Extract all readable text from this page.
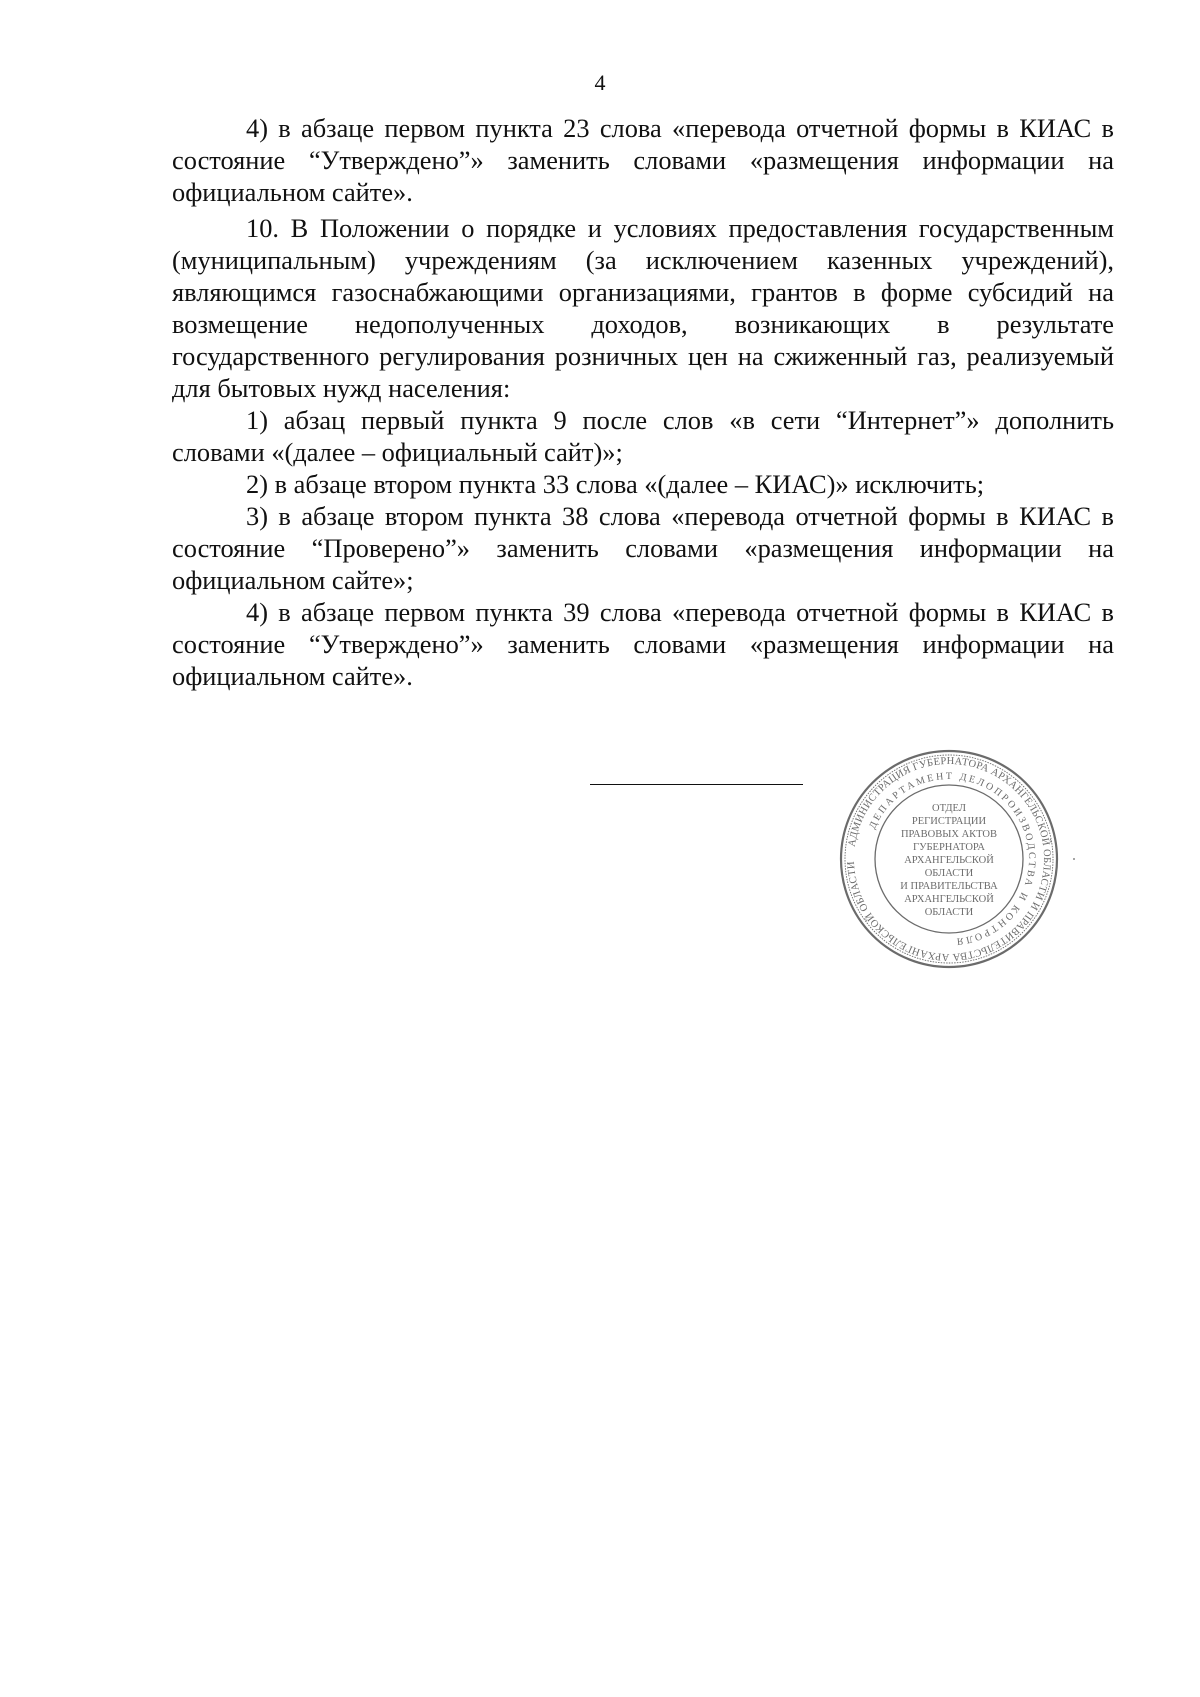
4

4) в абзаце первом пункта 23 слова «перевода отчетной формы в КИАС в состояние “Утверждено”» заменить словами «размещения информации на официальном сайте».

10. В Положении о порядке и условиях предоставления государственным (муниципальным) учреждениям (за исключением казенных учреждений), являющимся газоснабжающими организациями, грантов в форме субсидий на возмещение недополученных доходов, возникающих в результате государственного регулирования розничных цен на сжиженный газ, реализуемый для бытовых нужд населения:

1) абзац первый пункта 9 после слов «в сети “Интернет”» дополнить словами «(далее – официальный сайт)»;

2) в абзаце втором пункта 33 слова «(далее – КИАС)» исключить;

3) в абзаце втором пункта 38 слова «перевода отчетной формы в КИАС в состояние “Проверено”» заменить словами «размещения информации на официальном сайте»;

4) в абзаце первом пункта 39 слова «перевода отчетной формы в КИАС в состояние “Утверждено”» заменить словами «размещения информации на официальном сайте».

АДМИНИСТРАЦИЯ ГУБЕРНАТОРА АРХАНГЕЛЬСКОЙ ОБЛАСТИ И ПРАВИТЕЛЬСТВА АРХАНГЕЛЬСКОЙ ОБЛАСТИ
ДЕПАРТАМЕНТ ДЕЛОПРОИЗВОДСТВА И КОНТРОЛЯ
ОТДЕЛ
РЕГИСТРАЦИИ
ПРАВОВЫХ АКТОВ
ГУБЕРНАТОРА
АРХАНГЕЛЬСКОЙ
ОБЛАСТИ
И ПРАВИТЕЛЬСТВА
АРХАНГЕЛЬСКОЙ
ОБЛАСТИ
